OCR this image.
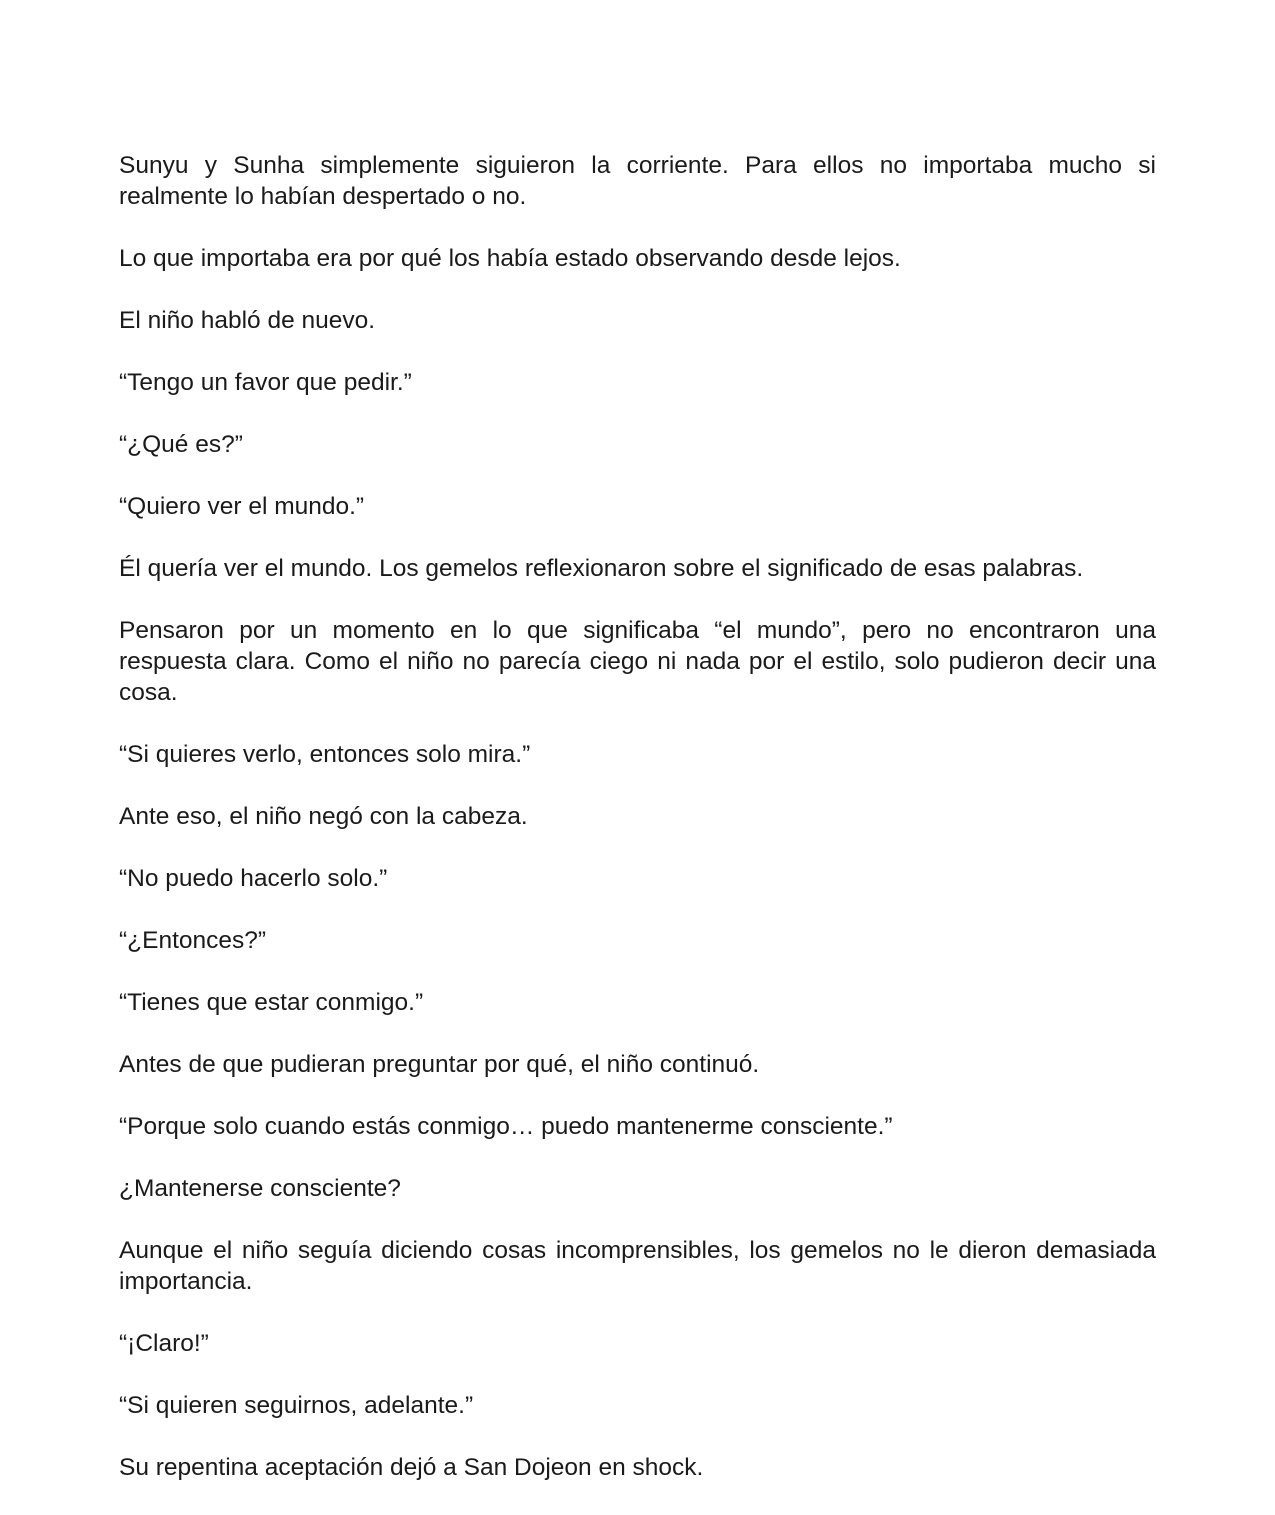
Sunyu y Sunha simplemente siguieron la corriente. Para ellos no importaba mucho si realmente lo habían despertado o no.

Lo que importaba era por qué los había estado observando desde lejos.

El niño habló de nuevo.

“Tengo un favor que pedir.”

“¿Qué es?”

“Quiero ver el mundo.”

Él quería ver el mundo. Los gemelos reflexionaron sobre el significado de esas palabras.

Pensaron por un momento en lo que significaba “el mundo”, pero no encontraron una respuesta clara. Como el niño no parecía ciego ni nada por el estilo, solo pudieron decir una cosa.

“Si quieres verlo, entonces solo mira.”

Ante eso, el niño negó con la cabeza.

“No puedo hacerlo solo.”

“¿Entonces?”

“Tienes que estar conmigo.”

Antes de que pudieran preguntar por qué, el niño continuó.

“Porque solo cuando estás conmigo… puedo mantenerme consciente.”

¿Mantenerse consciente?

Aunque el niño seguía diciendo cosas incomprensibles, los gemelos no le dieron demasiada importancia.

“¡Claro!”

“Si quieren seguirnos, adelante.”

Su repentina aceptación dejó a San Dojeon en shock.
